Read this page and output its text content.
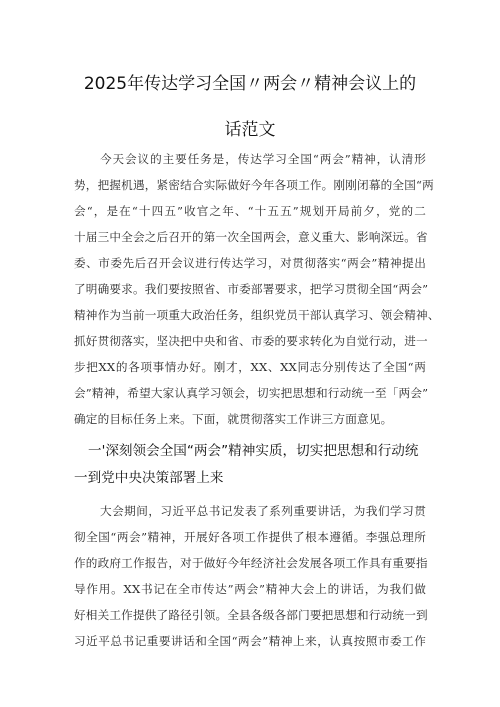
2025年传达学习全国〃两会〃精神会议上的
话范文
今天会议的主要任务是，传达学习全国“两会”精神，认清形
势，把握机遇，紧密结合实际做好今年各项工作。刚刚闭幕的全国“两
会“，是在“十四五”收官之年、“十五五”规划开局前夕，党的二
十届三中全会之后召开的第一次全国两会，意义重大、影响深远。省
委、市委先后召开会议进行传达学习，对贯彻落实“两会”精神提出
了明确要求。我们要按照省、市委部署要求，把学习贯彻全国“两会”
精神作为当前一项重大政治任务，组织党员干部认真学习、领会精神、
抓好贯彻落实，坚决把中央和省、市委的要求转化为自觉行动，进一
步把XX的各项事情办好。刚才，XX、XX同志分别传达了全国“两
会”精神，希望大家认真学习领会，切实把思想和行动统一至「两会”
确定的目标任务上来。下面，就贯彻落实工作讲三方面意见。
一'深刻领会全国“两会”精神实质，切实把思想和行动统
一到党中央决策部署上来
大会期间，习近平总书记发表了系列重要讲话，为我们学习贯
彻全国“两会”精神，开展好各项工作提供了根本遵循。李强总理所
作的政府工作报告，对于做好今年经济社会发展各项工作具有重要指
导作用。XX书记在全市传达”两会”精神大会上的讲话，为我们做
好相关工作提供了路径引领。全县各级各部门要把思想和行动统一到
习近平总书记重要讲话和全国“两会”精神上来，认真按照市委工作
